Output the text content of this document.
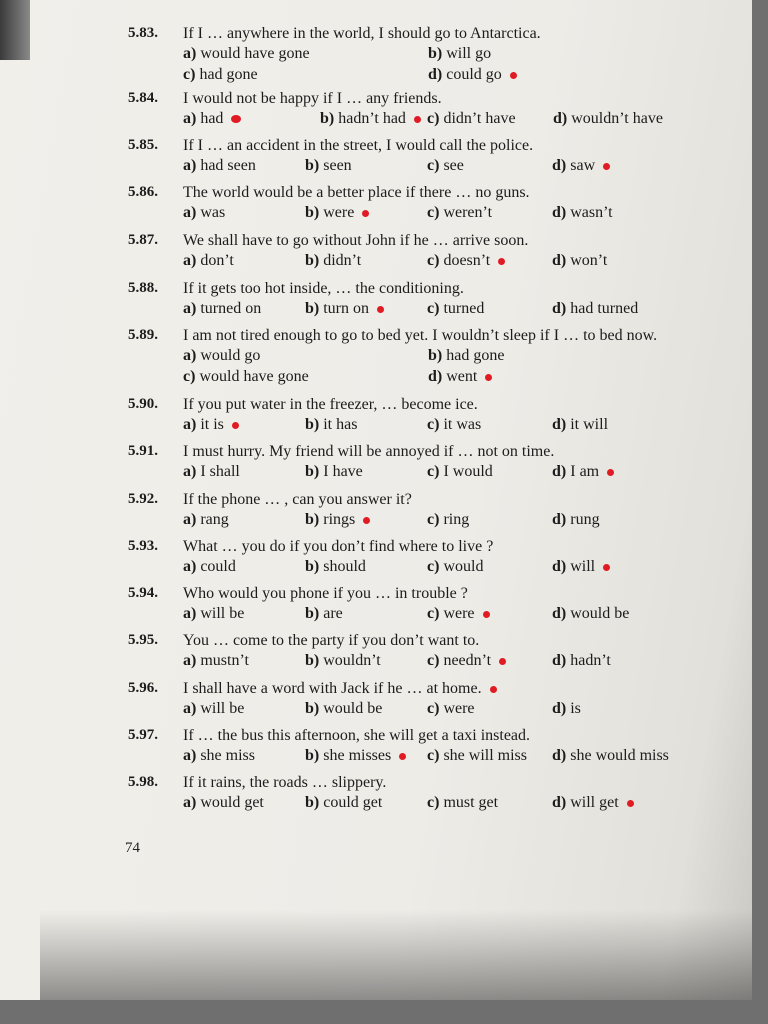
5.83. If I … anywhere in the world, I should go to Antarctica.
a) would have gone	b) will go
c) had gone	d) could go
5.84. I would not be happy if I … any friends.
a) had	b) hadn’t had	c) didn’t have d) wouldn’t have
5.85. If I … an accident in the street, I would call the police.
a) had seen	b) seen	c) see	d) saw
5.86. The world would be a better place if there … no guns.
a) was	b) were	c) weren’t	d) wasn’t
5.87. We shall have to go without John if he … arrive soon.
a) don’t	b) didn’t	c) doesn’t	d) won’t
5.88. If it gets too hot inside, … the conditioning.
a) turned on	b) turn on	c) turned	d) had turned
5.89. I am not tired enough to go to bed yet. I wouldn’t sleep if I … to bed now.
a) would go	b) had gone
c) would have gone	d) went
5.90. If you put water in the freezer, … become ice.
a) it is	b) it has	c) it was	d) it will
5.91. I must hurry. My friend will be annoyed if … not on time.
a) I shall	b) I have	c) I would	d) I am
5.92. If the phone … , can you answer it?
a) rang	b) rings	c) ring	d) rung
5.93. What … you do if you don’t find where to live ?
a) could	b) should	c) would	d) will
5.94. Who would you phone if you … in trouble ?
a) will be	b) are	c) were	d) would be
5.95. You … come to the party if you don’t want to.
a) mustn’t	b) wouldn’t	c) needn’t	d) hadn’t
5.96. I shall have a word with Jack if he … at home.
a) will be	b) would be	c) were	d) is
5.97. If … the bus this afternoon, she will get a taxi instead.
a) she miss	b) she misses	c) she will miss d) she would miss
5.98. If it rains, the roads … slippery.
a) would get	b) could get	c) must get	d) will get
74
